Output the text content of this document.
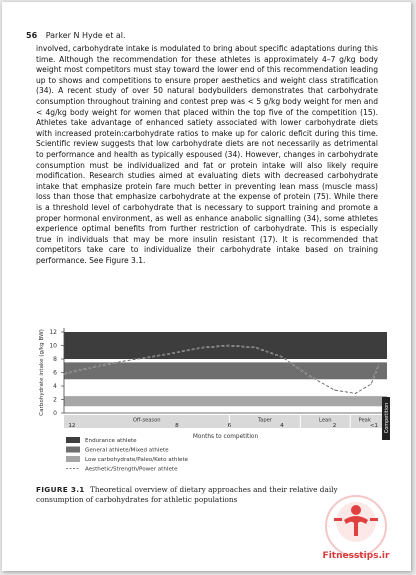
56 Parker N Hyde et al.

involved, carbohydrate intake is modulated to bring about specific adaptations during this time. Although the recommendation for these athletes is approximately 4–7 g/kg body weight most competitors must stay toward the lower end of this recommendation leading up to shows and competitions to ensure proper aesthetics and weight class stratification (34). A recent study of over 50 natural bodybuilders demonstrates that carbohydrate consumption throughout training and contest prep was < 5 g/kg body weight for men and < 4g/kg body weight for women that placed within the top five of the competition (15). Athletes take advantage of enhanced satiety associated with lower carbohydrate diets with increased protein:carbohydrate ratios to make up for caloric deficit during this time. Scientific review suggests that low carbohydrate diets are not necessarily as detrimental to performance and health as typically espoused (34). However, changes in carbohydrate consumption must be individualized and fat or protein intake will also likely require modification. Research studies aimed at evaluating diets with decreased carbohydrate intake that emphasize protein fare much better in preventing lean mass (muscle mass) loss than those that emphasize carbohydrate at the expense of protein (75). While there is a threshold level of carbohydrate that is necessary to support training and promote a proper hormonal environment, as well as enhance anabolic signalling (34), some athletes experience optimal benefits from further restriction of carbohydrate. This is especially true in individuals that may be more insulin resistant (17). It is recommended that competitors take care to individualize their carbohydrate intake based on training performance. See Figure 3.1.

0
2
4
6
8
10
12
Carbohydrate intake (g/kg BW)
Off-season	Taper	Lean	Peak
12	8	6	4	2	<1
Months to competition
Competition
Endurance athlete
General athlete/Mixed athlete
Low carbohydrate/Paleo/Keto athlete
Aesthetic/Strength/Power athlete

FIGURE 3.1 Theoretical overview of dietary approaches and their relative daily consumption of carbohydrates for athletic populations

Fitnesstips.ir
